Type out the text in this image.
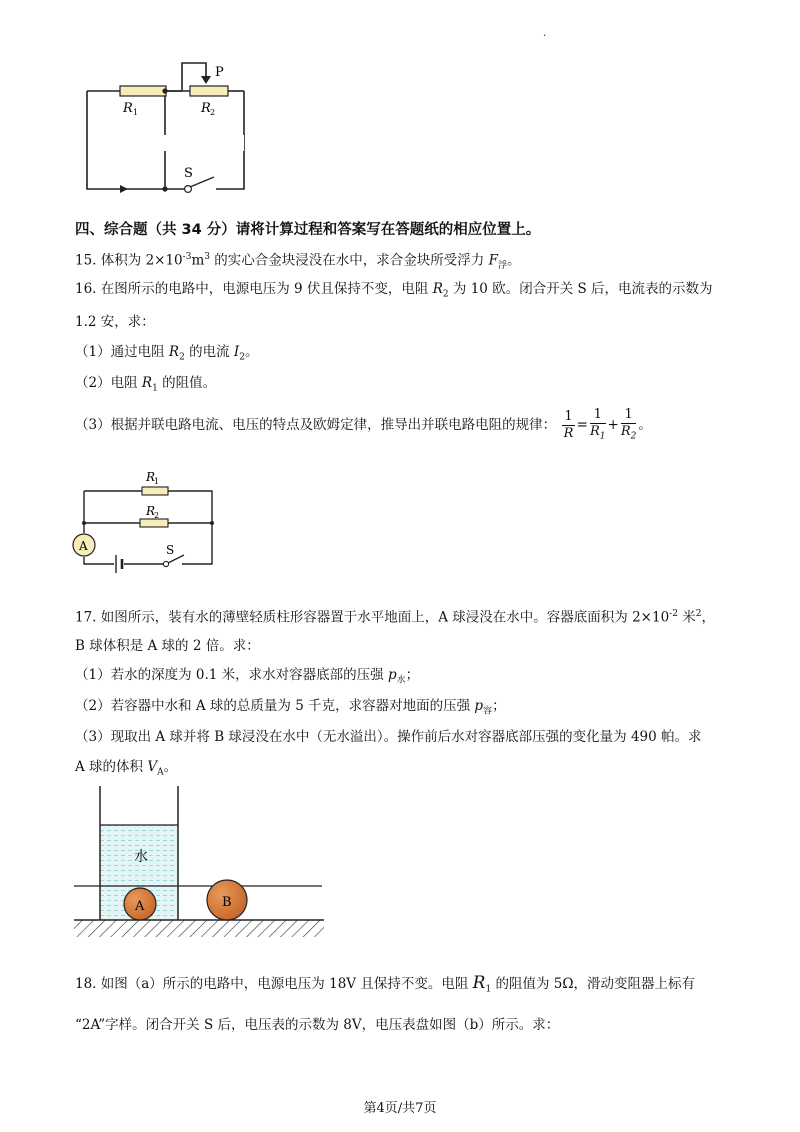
.
P
R 1	R 2
S
四、综合题（共 34 分）请将计算过程和答案写在答题纸的相应位置上。
15. 体积为 $2\times 10^{-3}m^3$ 的实心合金块浸没在水中，求合金块所受浮力 $F_浮$。
16. 在图所示的电路中，电源电压为 9 伏且保持不变，电阻 $R_2$ 为 10 欧。闭合开关 S 后，电流表的示数为
1.2 安，求：
（1）通过电阻 $R_2$ 的电流 $I_2$。
（2）电阻 $R_1$ 的阻值。
（3）根据并联电路电流、电压的特点及欧姆定律，推导出并联电路电阻的规律： $\frac{1}{R} = \frac{1}{R_1} + \frac{1}{R_2}$ 。
A
R
1
R
2
S
17. 如图所示，装有水的薄壁轻质柱形容器置于水平地面上，A 球浸没在水中。容器底面积为 $2\times 10^{-2}$ 米$^2$，
B 球体积是 A 球的 2 倍。求：
（1）若水的深度为 0.1 米，求水对容器底部的压强 $p_水$；
（2）若容器中水和 A 球的总质量为 5 千克，求容器对地面的压强 $p_容$；
（3）现取出 A 球并将 B 球浸没在水中（无水溢出）。操作前后水对容器底部压强的变化量为 490 帕。求
A 球的体积 $V_A$。
水
A	B
18. 如图（a）所示的电路中，电源电压为 18V 且保持不变。电阻 $R_1$ 的阻值为 5Ω，滑动变阻器上标有
“2A”字样。闭合开关 S 后，电压表的示数为 8V，电压表盘如图（b）所示。求：
第4页/共7页
